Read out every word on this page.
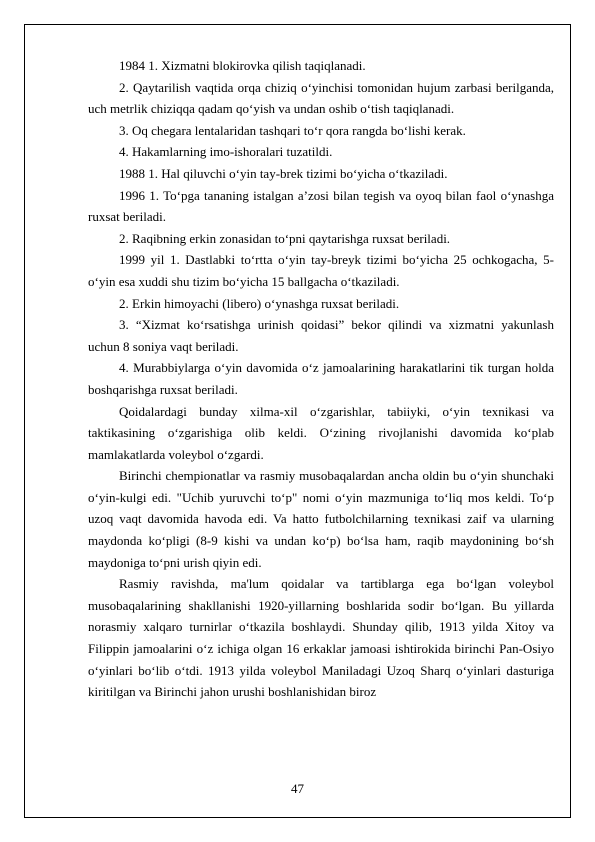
1984 1. Xizmatni blokirovka qilish taqiqlanadi.

2. Qaytarilish vaqtida orqa chiziq o‘yinchisi tomonidan hujum zarbasi berilganda, uch metrlik chiziqqa qadam qo‘yish va undan oshib o‘tish taqiqlanadi.

3. Oq chegara lentalaridan tashqari to‘r qora rangda bo‘lishi kerak.

4. Hakamlarning imo-ishoralari tuzatildi.

1988 1. Hal qiluvchi o‘yin tay-brek tizimi bo‘yicha o‘tkaziladi.

1996 1. To‘pga tananing istalgan a’zosi bilan tegish va oyoq bilan faol o‘ynashga ruxsat beriladi.

2. Raqibning erkin zonasidan to‘pni qaytarishga ruxsat beriladi.

1999 yil 1. Dastlabki to‘rtta o‘yin tay-breyk tizimi bo‘yicha 25 ochkogacha, 5-o‘yin esa xuddi shu tizim bo‘yicha 15 ballgacha o‘tkaziladi.

2. Erkin himoyachi (libero) o‘ynashga ruxsat beriladi.

3. “Xizmat ko‘rsatishga urinish qoidasi” bekor qilindi va xizmatni yakunlash uchun 8 soniya vaqt beriladi.

4. Murabbiylarga o‘yin davomida o‘z jamoalarining harakatlarini tik turgan holda boshqarishga ruxsat beriladi.

Qoidalardagi bunday xilma-xil o‘zgarishlar, tabiiyki, o‘yin texnikasi va taktikasining o‘zgarishiga olib keldi. O‘zining rivojlanishi davomida ko‘plab mamlakatlarda voleybol o‘zgardi.

Birinchi chempionatlar va rasmiy musobaqalardan ancha oldin bu o‘yin shunchaki o‘yin-kulgi edi. "Uchib yuruvchi to‘p" nomi o‘yin mazmuniga to‘liq mos keldi. To‘p uzoq vaqt davomida havoda edi. Va hatto futbolchilarning texnikasi zaif va ularning maydonda ko‘pligi (8-9 kishi va undan ko‘p) bo‘lsa ham, raqib maydonining bo‘sh maydoniga to‘pni urish qiyin edi.

Rasmiy ravishda, ma'lum qoidalar va tartiblarga ega bo‘lgan voleybol musobaqalarining shakllanishi 1920-yillarning boshlarida sodir bo‘lgan. Bu yillarda norasmiy xalqaro turnirlar o‘tkazila boshlaydi. Shunday qilib, 1913 yilda Xitoy va Filippin jamoalarini o‘z ichiga olgan 16 erkaklar jamoasi ishtirokida birinchi Pan-Osiyo o‘yinlari bo‘lib o‘tdi. 1913 yilda voleybol Maniladagi Uzoq Sharq o‘yinlari dasturiga kiritilgan va Birinchi jahon urushi boshlanishidan biroz

47
